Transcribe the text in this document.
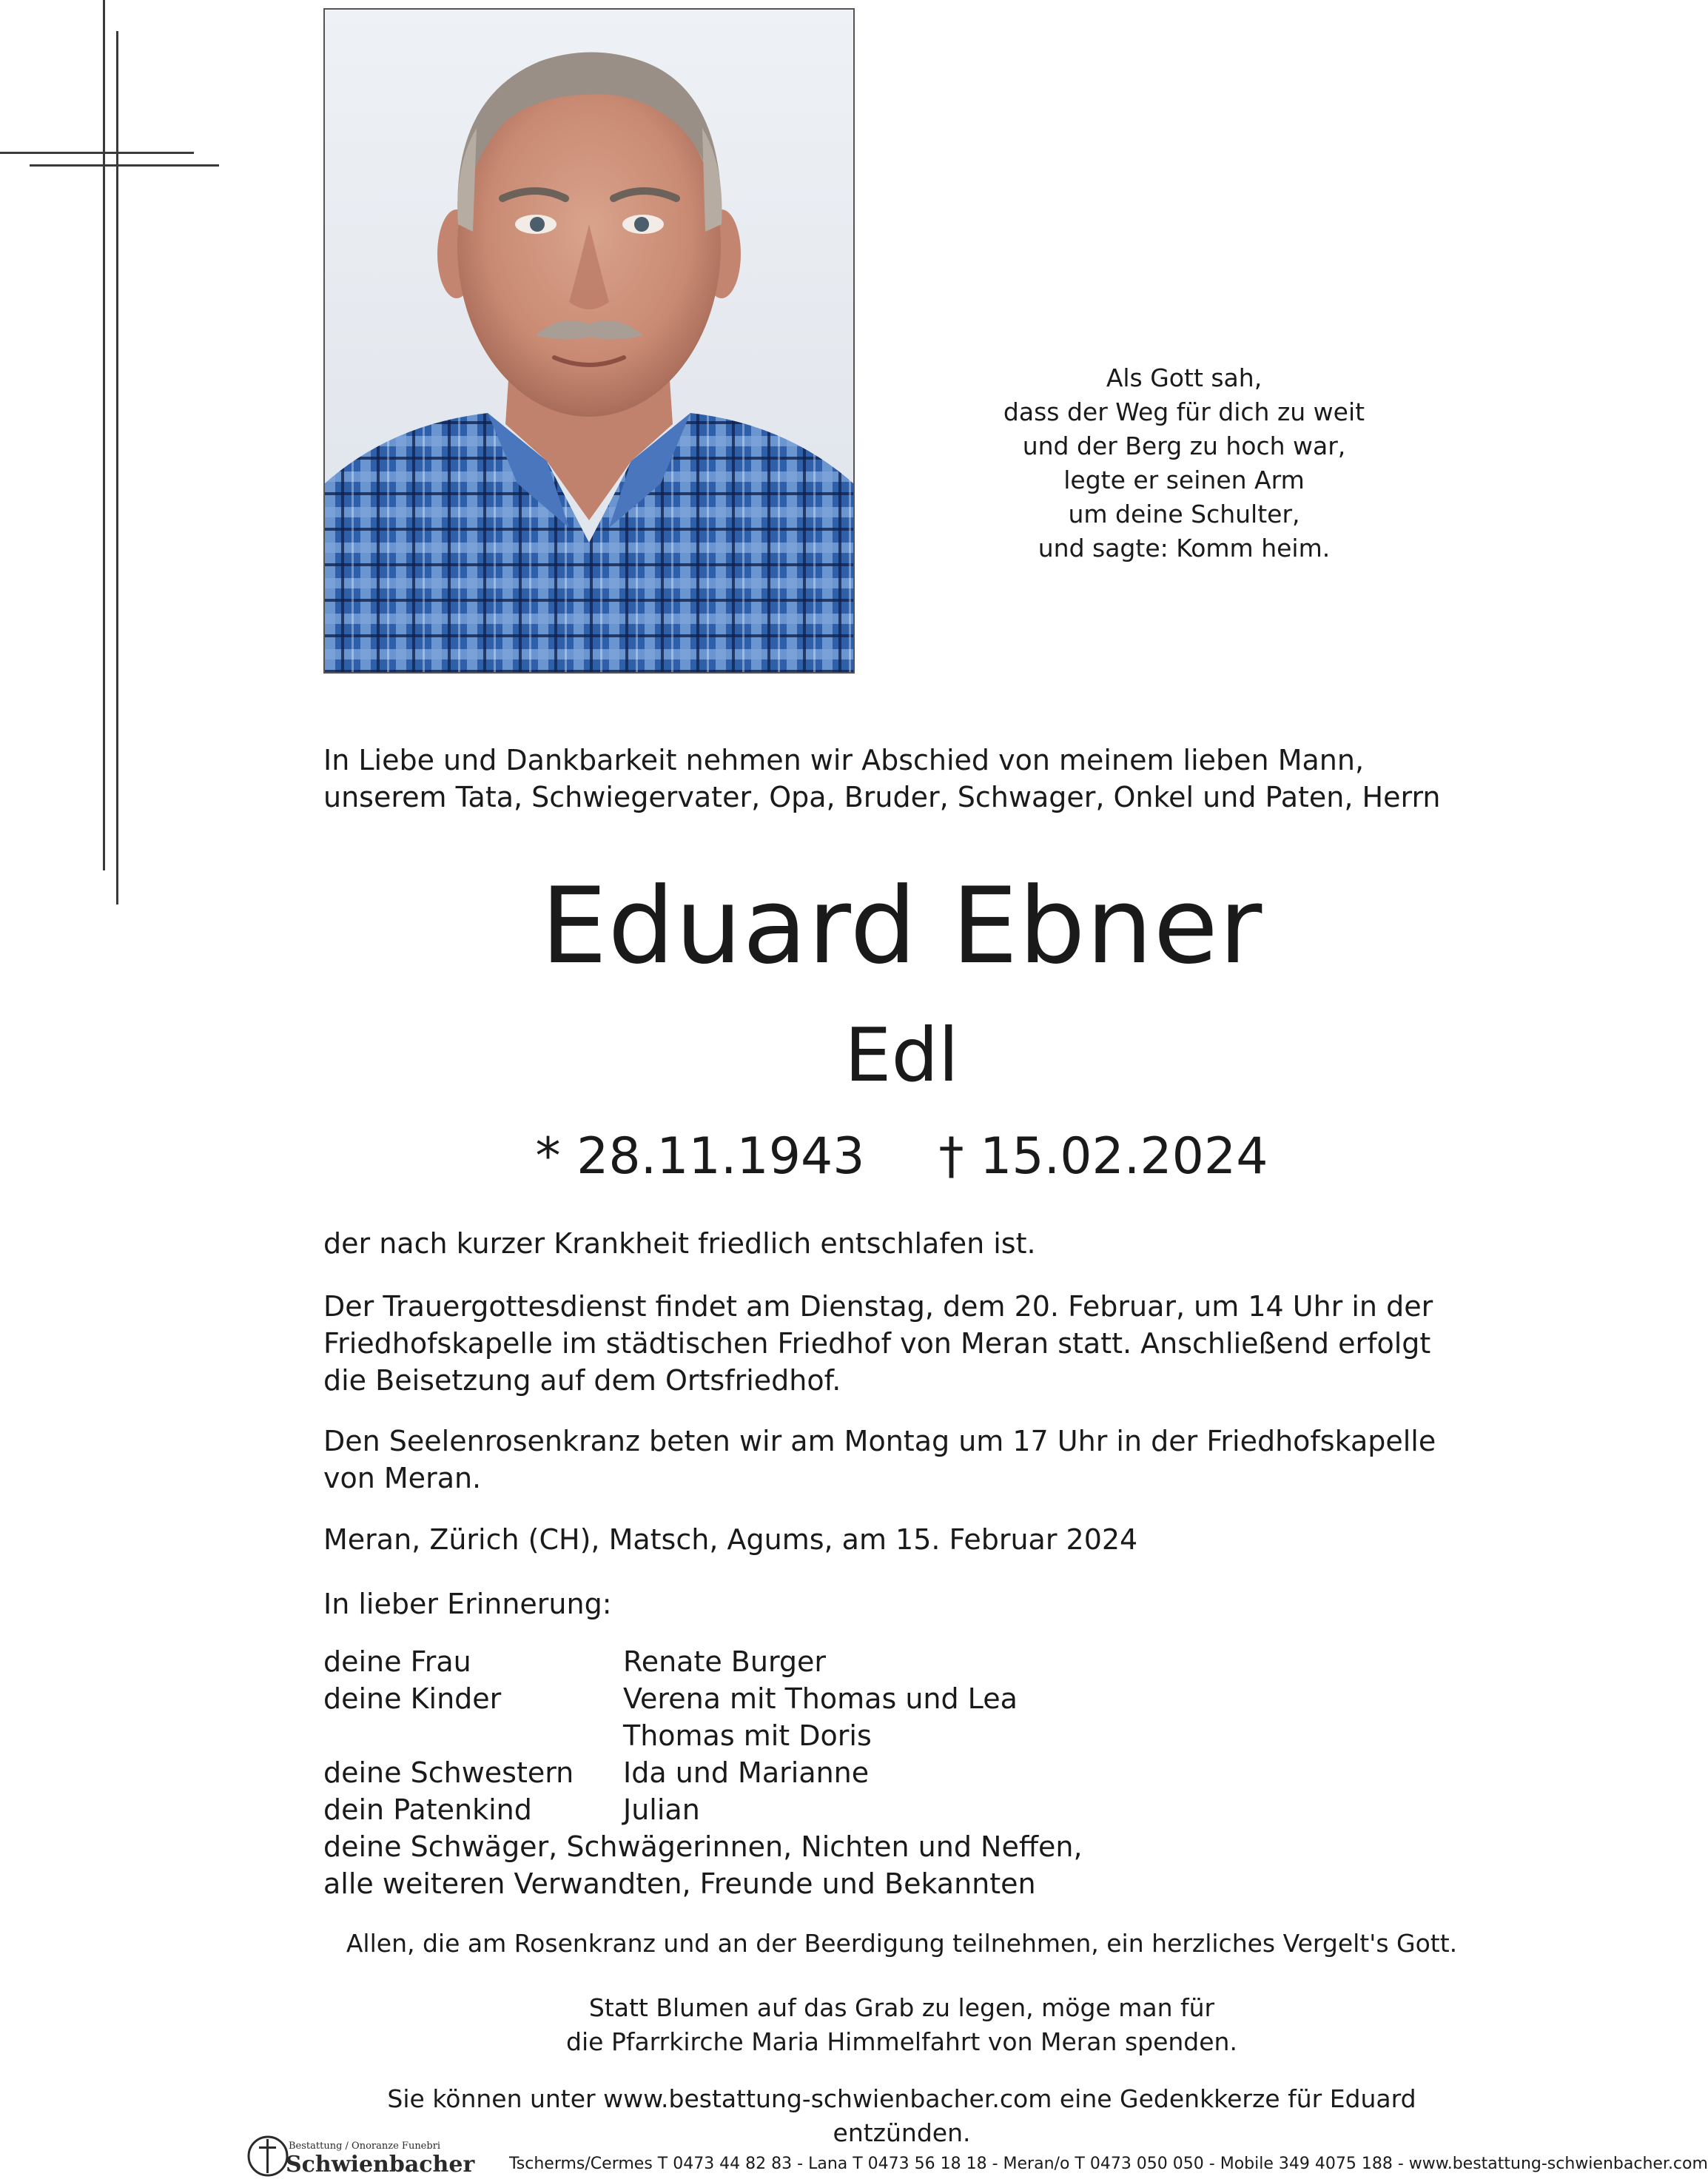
Als Gott sah,
dass der Weg für dich zu weit
und der Berg zu hoch war,
legte er seinen Arm
um deine Schulter,
und sagte: Komm heim.
In Liebe und Dankbarkeit nehmen wir Abschied von meinem lieben Mann, unserem Tata, Schwiegervater, Opa, Bruder, Schwager, Onkel und Paten, Herrn
Eduard Ebner
Edl
* 28.11.1943 † 15.02.2024
der nach kurzer Krankheit friedlich entschlafen ist.
Der Trauergottesdienst findet am Dienstag, dem 20. Februar, um 14 Uhr in der Friedhofskapelle im städtischen Friedhof von Meran statt. Anschließend erfolgt die Beisetzung auf dem Ortsfriedhof.
Den Seelenrosenkranz beten wir am Montag um 17 Uhr in der Friedhofskapelle von Meran.
Meran, Zürich (CH), Matsch, Agums, am 15. Februar 2024
In lieber Erinnerung:
deine Frau	Renate Burger
deine Kinder	Verena mit Thomas und Lea
Thomas mit Doris
deine Schwestern	Ida und Marianne
dein Patenkind	Julian
deine Schwäger, Schwägerinnen, Nichten und Neffen,
alle weiteren Verwandten, Freunde und Bekannten
Allen, die am Rosenkranz und an der Beerdigung teilnehmen, ein herzliches Vergelt's Gott.
Statt Blumen auf das Grab zu legen, möge man für
die Pfarrkirche Maria Himmelfahrt von Meran spenden.
Sie können unter www.bestattung-schwienbacher.com eine Gedenkkerze für Eduard entzünden.
Bestattung / Onoranze Funebri
Schwienbacher Tscherms/Cermes T 0473 44 82 83 - Lana T 0473 56 18 18 - Meran/o T 0473 050 050 - Mobile 349 4075 188 - www.bestattung-schwienbacher.com
